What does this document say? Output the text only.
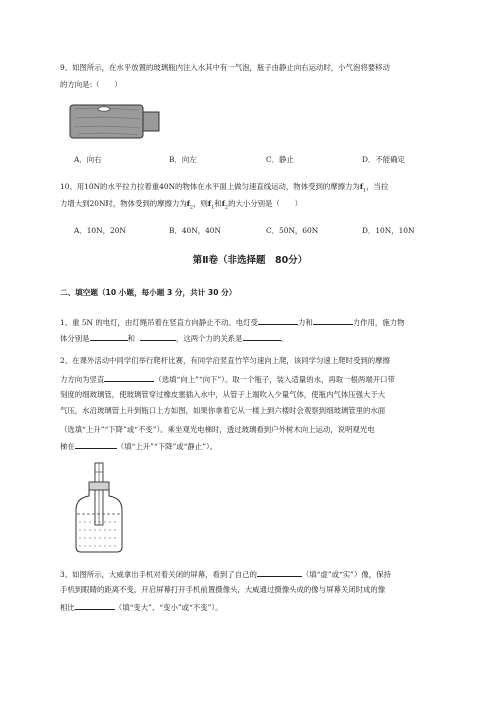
9、如图所示，在水平放置的玻璃瓶内注入水其中有一气泡，瓶子由静止向右运动时，小气泡将要移动
的方向是:（　　）
A．向右	B．向左	C．静止	D．不能确定
10、用10N的水平拉力拉着重40N的物体在水平面上做匀速直线运动，物体受到的摩擦力为$f_1$，当拉
力增大到20N时，物体受到的摩擦力为$f_2$，则$f_1$和$f_2$的大小分别是（　　）
A．10N，20N	B．40N，40N	C．50N，60N	D．10N，10N
第Ⅱ卷（非选择题　80分）
二、填空题（10 小题，每小题 3 分，共计 30 分）
1、重 5N 的电灯，由灯绳吊着在竖直方向静止不动。电灯受	力和	力作用，施力物
体分别是	和	，这两个力的关系是	。
2、在课外活动中同学们举行爬杆比赛，有同学沿竖直竹竿匀速向上爬，该同学匀速上爬时受到的摩擦
力方向为竖直	（选填“向上”“向下”）。取一个瓶子，装入适量的水，再取一根两端开口带
刻度的细玻璃管，使玻璃管穿过橡皮塞插入水中，从管子上端吹入少量气体，使瓶内气体压强大于大
气压，水沿玻璃管上升到瓶口上方如图，如果你拿着它从一楼上到六楼时会观察到细玻璃管里的水面
（选填“上升”“下降”或“不变”）。乘坐观光电梯时，透过玻璃看到户外树木向上运动，说明观光电
梯在	（填“上升”“下降”或“静止”）。
3、如图所示，大威拿出手机对着关闭的屏幕，看到了自己的	（填“虚”或“实”）像，保持
手机到眼睛的距离不变，开启屏幕打开手机前置摄像头，大威通过摄像头成的像与屏幕关闭时成的像
相比	（填“变大”、“变小”或“不变”）。
